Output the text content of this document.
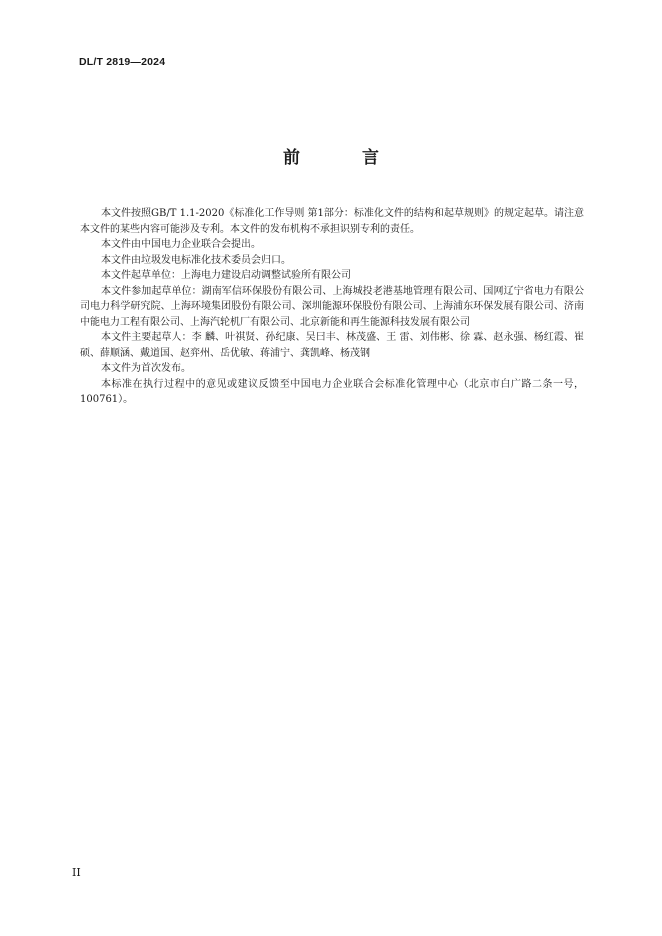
DL/T 2819—2024
前 言

本文件按照GB/T 1.1-2020《标准化工作导则 第1部分：标准化文件的结构和起草规则》的规定起草。请注意本文件的某些内容可能涉及专利。本文件的发布机构不承担识别专利的责任。

本文件由中国电力企业联合会提出。

本文件由垃圾发电标准化技术委员会归口。

本文件起草单位：上海电力建设启动调整试验所有限公司

本文件参加起草单位：湖南军信环保股份有限公司、上海城投老港基地管理有限公司、国网辽宁省电力有限公司电力科学研究院、上海环境集团股份有限公司、深圳能源环保股份有限公司、上海浦东环保发展有限公司、济南中能电力工程有限公司、上海汽轮机厂有限公司、北京新能和再生能源科技发展有限公司

本文件主要起草人：李 麟、叶祺贤、孙纪康、吴曰丰、林茂盛、王 雷、刘伟彬、徐 霖、赵永强、杨红霞、崔 硕、薛顺涵、戴道国、赵弈州、岳优敏、蒋浦宁、龚凯峰、杨茂钢

本文件为首次发布。

本标准在执行过程中的意见或建议反馈至中国电力企业联合会标准化管理中心（北京市白广路二条一号，100761）。

II
